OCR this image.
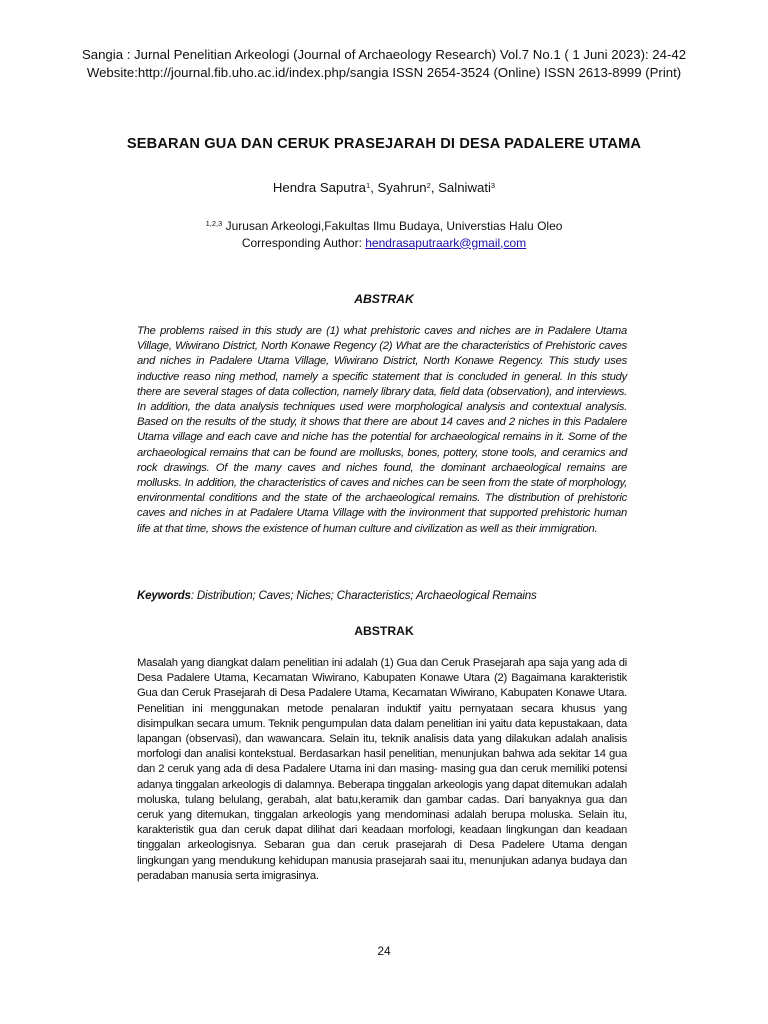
Sangia : Jurnal Penelitian Arkeologi (Journal of Archaeology Research) Vol.7 No.1 ( 1 Juni 2023): 24-42
Website:http://journal.fib.uho.ac.id/index.php/sangia ISSN 2654-3524 (Online) ISSN 2613-8999 (Print)
SEBARAN GUA DAN CERUK PRASEJARAH DI DESA PADALERE UTAMA
Hendra Saputra$^1$, Syahrun$^2$, Salniwati$^3$
$^{1,2,3}$ Jurusan Arkeologi,Fakultas Ilmu Budaya, Universtias Halu Oleo
Corresponding Author: hendrasaputraark@gmail,com
ABSTRAK

The problems raised in this study are (1) what prehistoric caves and niches are in Padalere Utama Village, Wiwirano District, North Konawe Regency (2) What are the characteristics of Prehistoric caves and niches in Padalere Utama Village, Wiwirano District, North Konawe Regency. This study uses inductive reaso ning method, namely a specific statement that is concluded in general. In this study there are several stages of data collection, namely library data, field data (observation), and interviews. In addition, the data analysis techniques used were morphological analysis and contextual analysis. Based on the results of the study, it shows that there are about 14 caves and 2 niches in this Padalere Utama village and each cave and niche has the potential for archaeological remains in it. Some of the archaeological remains that can be found are mollusks, bones, pottery, stone tools, and ceramics and rock drawings. Of the many caves and niches found, the dominant archaeological remains are mollusks. In addition, the characteristics of caves and niches can be seen from the state of morphology, environmental conditions and the state of the archaeological remains. The distribution of prehistoric caves and niches in at Padalere Utama Village with the invironment that supported prehistoric human life at that time, shows the existence of human culture and civilization as well as their immigration.

Keywords: Distribution; Caves; Niches; Characteristics; Archaeological Remains

ABSTRAK

Masalah yang diangkat dalam penelitian ini adalah (1) Gua dan Ceruk Prasejarah apa saja yang ada di Desa Padalere Utama, Kecamatan Wiwirano, Kabupaten Konawe Utara (2) Bagaimana karakteristik Gua dan Ceruk Prasejarah di Desa Padalere Utama, Kecamatan Wiwirano, Kabupaten Konawe Utara. Penelitian ini menggunakan metode penalaran induktif yaitu pernyataan secara khusus yang disimpulkan secara umum. Teknik pengumpulan data dalam penelitian ini yaitu data kepustakaan, data lapangan (observasi), dan wawancara. Selain itu, teknik analisis data yang dilakukan adalah analisis morfologi dan analisi kontekstual. Berdasarkan hasil penelitian, menunjukan bahwa ada sekitar 14 gua dan 2 ceruk yang ada di desa Padalere Utama ini dan masing- masing gua dan ceruk memiliki potensi adanya tinggalan arkeologis di dalamnya. Beberapa tinggalan arkeologis yang dapat ditemukan adalah moluska, tulang belulang, gerabah, alat batu,keramik dan gambar cadas. Dari banyaknya gua dan ceruk yang ditemukan, tinggalan arkeologis yang mendominasi adalah berupa moluska. Selain itu, karakteristik gua dan ceruk dapat dilihat dari keadaan morfologi, keadaan lingkungan dan keadaan tinggalan arkeologisnya. Sebaran gua dan ceruk prasejarah di Desa Padelere Utama dengan lingkungan yang mendukung kehidupan manusia prasejarah saai itu, menunjukan adanya budaya dan peradaban manusia serta imigrasinya.

24
